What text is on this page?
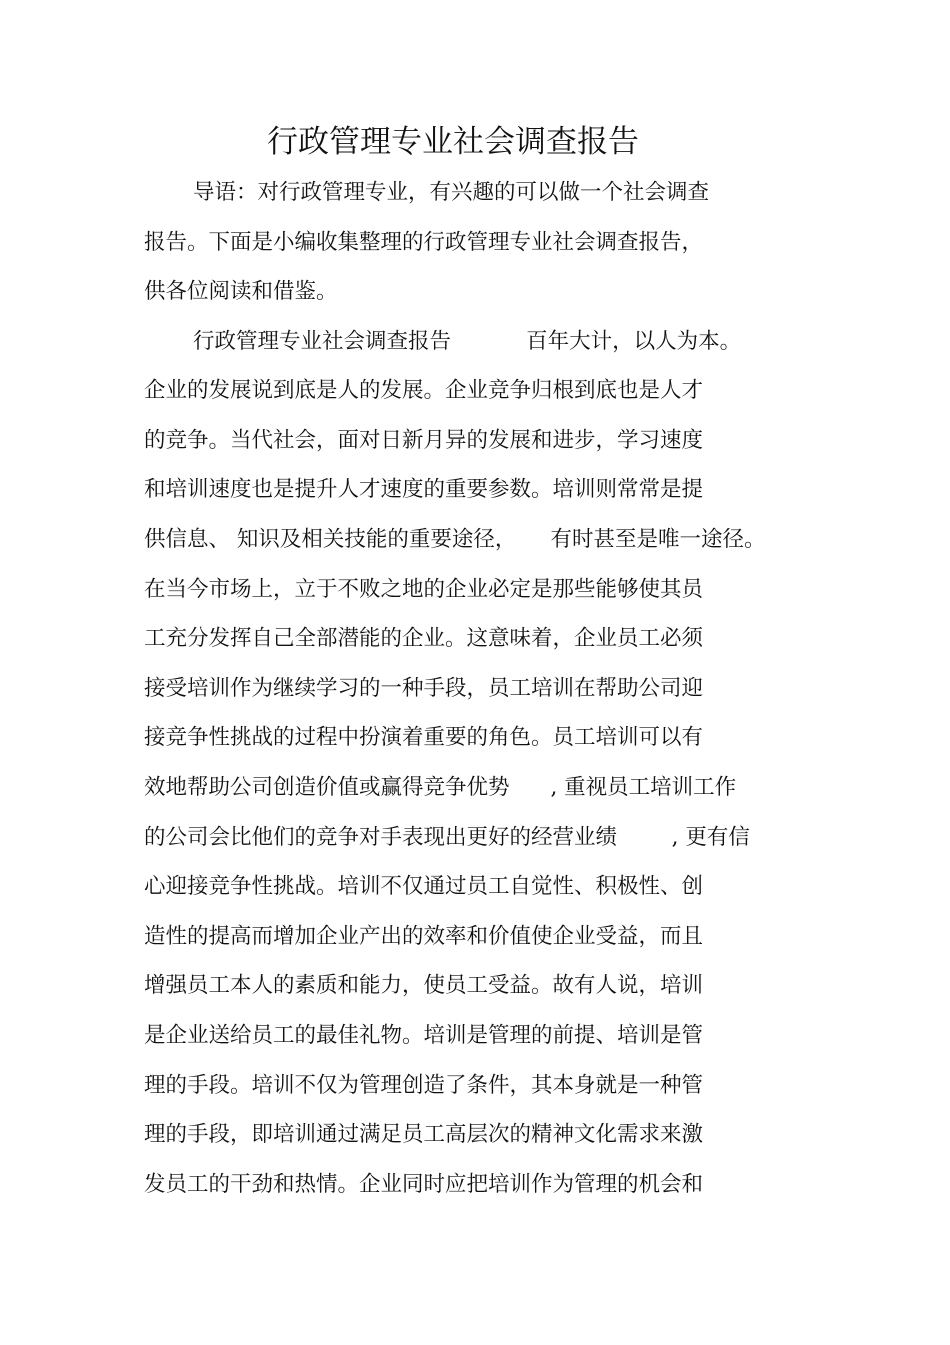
行政管理专业社会调查报告
导语：对行政管理专业，有兴趣的可以做一个社会调查
报告。下面是小编收集整理的行政管理专业社会调查报告，
供各位阅读和借鉴。
行政管理专业社会调查报告           百年大计，以人为本。
企业的发展说到底是人的发展。企业竞争归根到底也是人才
的竞争。当代社会，面对日新月异的发展和进步，学习速度
和培训速度也是提升人才速度的重要参数。培训则常常是提
供信息、 知识及相关技能的重要途径，     有时甚至是唯一途径。
在当今市场上，立于不败之地的企业必定是那些能够使其员
工充分发挥自己全部潜能的企业。这意味着，企业员工必须
接受培训作为继续学习的一种手段，员工培训在帮助公司迎
接竞争性挑战的过程中扮演着重要的角色。员工培训可以有
效地帮助公司创造价值或赢得竞争优势      , 重视员工培训工作
的公司会比他们的竞争对手表现出更好的经营业绩        , 更有信
心迎接竞争性挑战。培训不仅通过员工自觉性、积极性、创
造性的提高而增加企业产出的效率和价值使企业受益，而且
增强员工本人的素质和能力，使员工受益。故有人说，培训
是企业送给员工的最佳礼物。培训是管理的前提、培训是管
理的手段。培训不仅为管理创造了条件，其本身就是一种管
理的手段，即培训通过满足员工高层次的精神文化需求来激
发员工的干劲和热情。企业同时应把培训作为管理的机会和
